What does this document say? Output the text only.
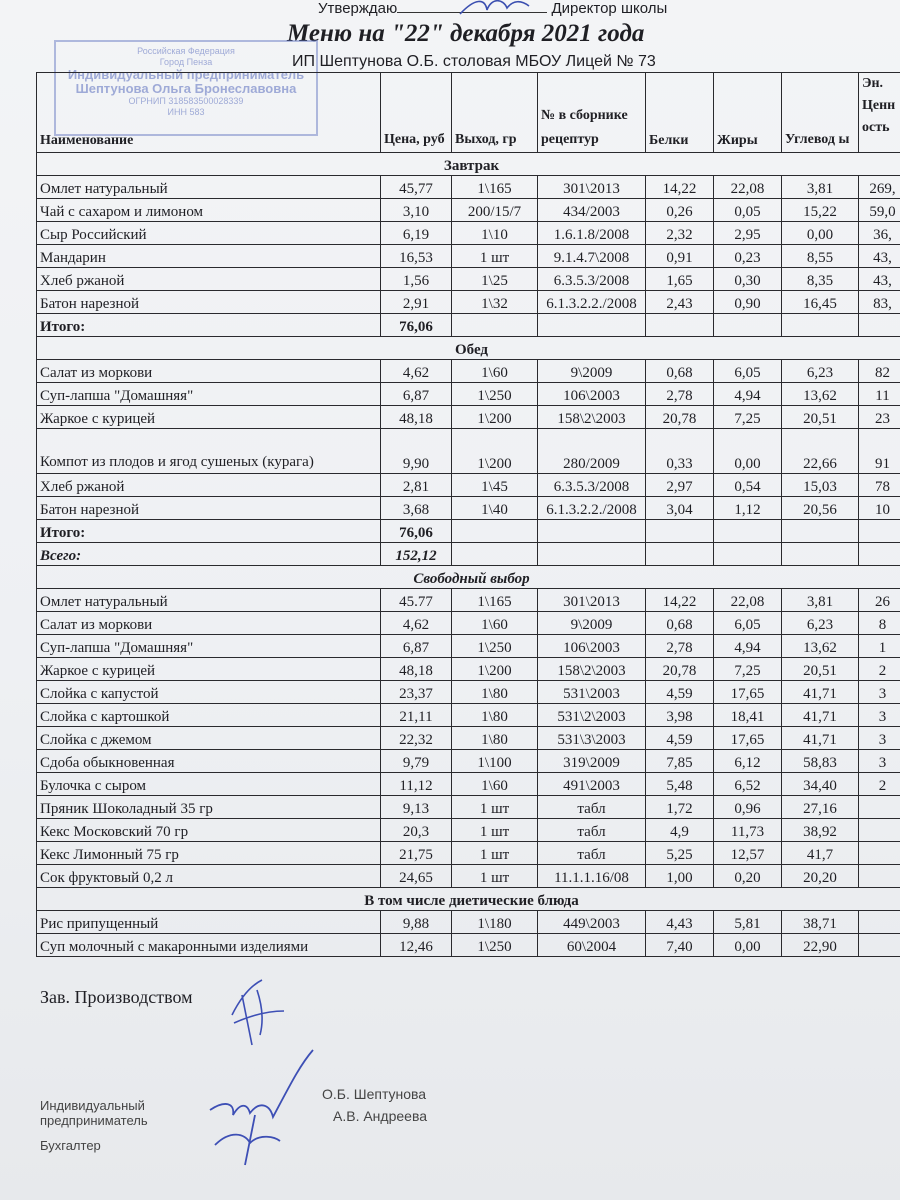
Утверждаю	Директор школы
Меню на "22" декабря 2021 года
ИП Шептунова О.Б. столовая МБОУ Лицей № 73
Российская Федерация
Город Пенза
Индивидуальный предприниматель
Шептунова Ольга Бронеславовна
ОГРНИП 318583500028339
ИНН 583
Наименование	Цена, руб	Выход, гр	№ в сборнике рецептур	Белки	Жиры	Углевод ы	Эн. Ценн ость
Завтрак							
Омлет натуральный	45,77	1\165	301\2013	14,22	22,08	3,81	269,
Чай с сахаром и лимоном	3,10	200/15/7	434/2003	0,26	0,05	15,22	59,0
Сыр Российский	6,19	1\10	1.6.1.8/2008	2,32	2,95	0,00	36,
Мандарин	16,53	1 шт	9.1.4.7\2008	0,91	0,23	8,55	43,
Хлеб ржаной	1,56	1\25	6.3.5.3/2008	1,65	0,30	8,35	43,
Батон нарезной	2,91	1\32	6.1.3.2.2./2008	2,43	0,90	16,45	83,
Итого:	76,06						
Обед							
Салат из моркови	4,62	1\60	9\2009	0,68	6,05	6,23	82
Суп-лапша "Домашняя"	6,87	1\250	106\2003	2,78	4,94	13,62	11
Жаркое с курицей	48,18	1\200	158\2\2003	20,78	7,25	20,51	23
Компот из плодов и ягод сушеных (курага)	9,90	1\200	280/2009	0,33	0,00	22,66	91
Хлеб ржаной	2,81	1\45	6.3.5.3/2008	2,97	0,54	15,03	78
Батон нарезной	3,68	1\40	6.1.3.2.2./2008	3,04	1,12	20,56	10
Итого:	76,06						
Всего:	152,12						
Свободный выбор							
Омлет натуральный	45.77	1\165	301\2013	14,22	22,08	3,81	26
Салат из моркови	4,62	1\60	9\2009	0,68	6,05	6,23	8
Суп-лапша "Домашняя"	6,87	1\250	106\2003	2,78	4,94	13,62	1
Жаркое с курицей	48,18	1\200	158\2\2003	20,78	7,25	20,51	2
Слойка с капустой	23,37	1\80	531\2003	4,59	17,65	41,71	3
Слойка с картошкой	21,11	1\80	531\2\2003	3,98	18,41	41,71	3
Слойка с джемом	22,32	1\80	531\3\2003	4,59	17,65	41,71	3
Сдоба обыкновенная	9,79	1\100	319\2009	7,85	6,12	58,83	3
Булочка с сыром	11,12	1\60	491\2003	5,48	6,52	34,40	2
Пряник Шоколадный 35 гр	9,13	1 шт	табл	1,72	0,96	27,16	
Кекс Московский 70 гр	20,3	1 шт	табл	4,9	11,73	38,92	
Кекс Лимонный 75 гр	21,75	1 шт	табл	5,25	12,57	41,7	
Сок фруктовый 0,2 л	24,65	1 шт	11.1.1.16/08	1,00	0,20	20,20	
В том числе диетические блюда							
Рис припущенный	9,88	1\180	449\2003	4,43	5,81	38,71	
Суп молочный с макаронными изделиями	12,46	1\250	60\2004	7,40	0,00	22,90	
Зав. Производством
Индивидуальный предприниматель
Бухгалтер
О.Б. Шептунова
А.В. Андреева
